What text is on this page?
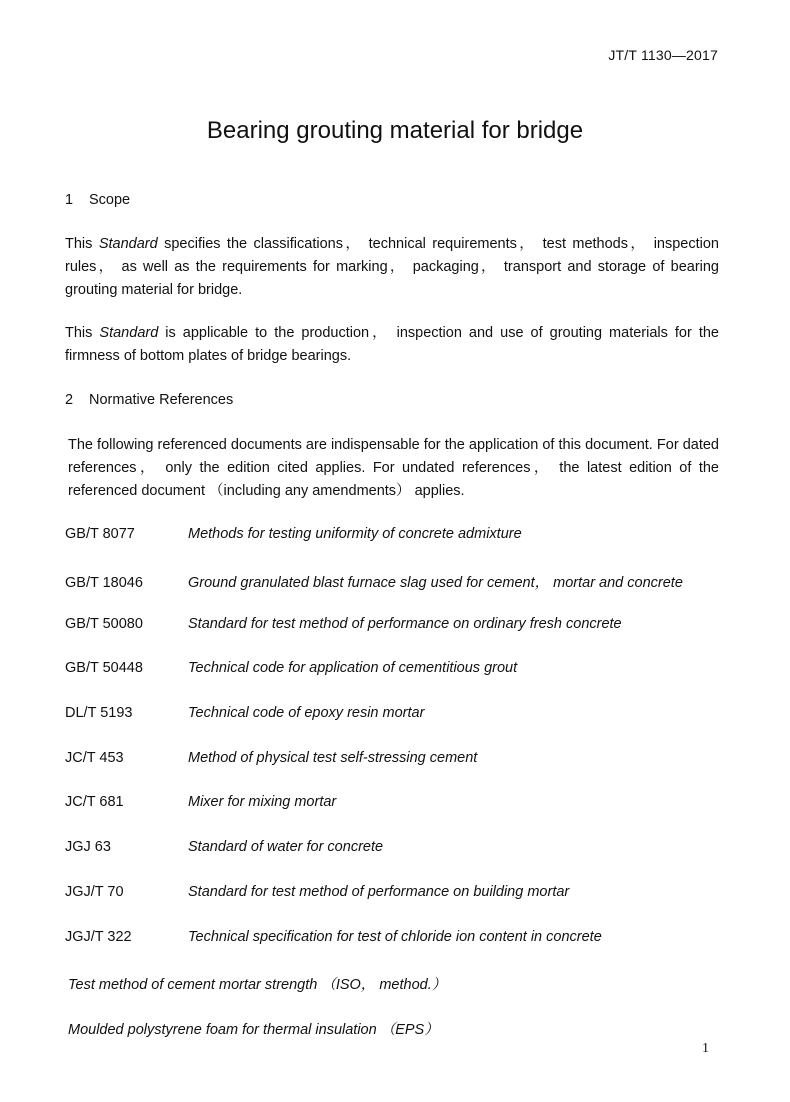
JT/T 1130—2017
Bearing grouting material for bridge
1 Scope
This Standard specifies the classifications， technical requirements， test methods， inspection rules， as well as the requirements for marking， packaging， transport and storage of bearing grouting material for bridge.
This Standard is applicable to the production， inspection and use of grouting materials for the firmness of bottom plates of bridge bearings.
2 Normative References
The following referenced documents are indispensable for the application of this document. For dated references， only the edition cited applies. For undated references， the latest edition of the referenced document （including any amendments） applies.
GB/T 8077	Methods for testing uniformity of concrete admixture
GB/T 18046	Ground granulated blast furnace slag used for cement， mortar and concrete
GB/T 50080	Standard for test method of performance on ordinary fresh concrete
GB/T 50448	Technical code for application of cementitious grout
DL/T 5193	Technical code of epoxy resin mortar
JC/T 453	Method of physical test self-stressing cement
JC/T 681	Mixer for mixing mortar
JGJ 63	Standard of water for concrete
JGJ/T 70	Standard for test method of performance on building mortar
JGJ/T 322	Technical specification for test of chloride ion content in concrete
Test method of cement mortar strength （ISO， method.）
Moulded polystyrene foam for thermal insulation （EPS）
1
